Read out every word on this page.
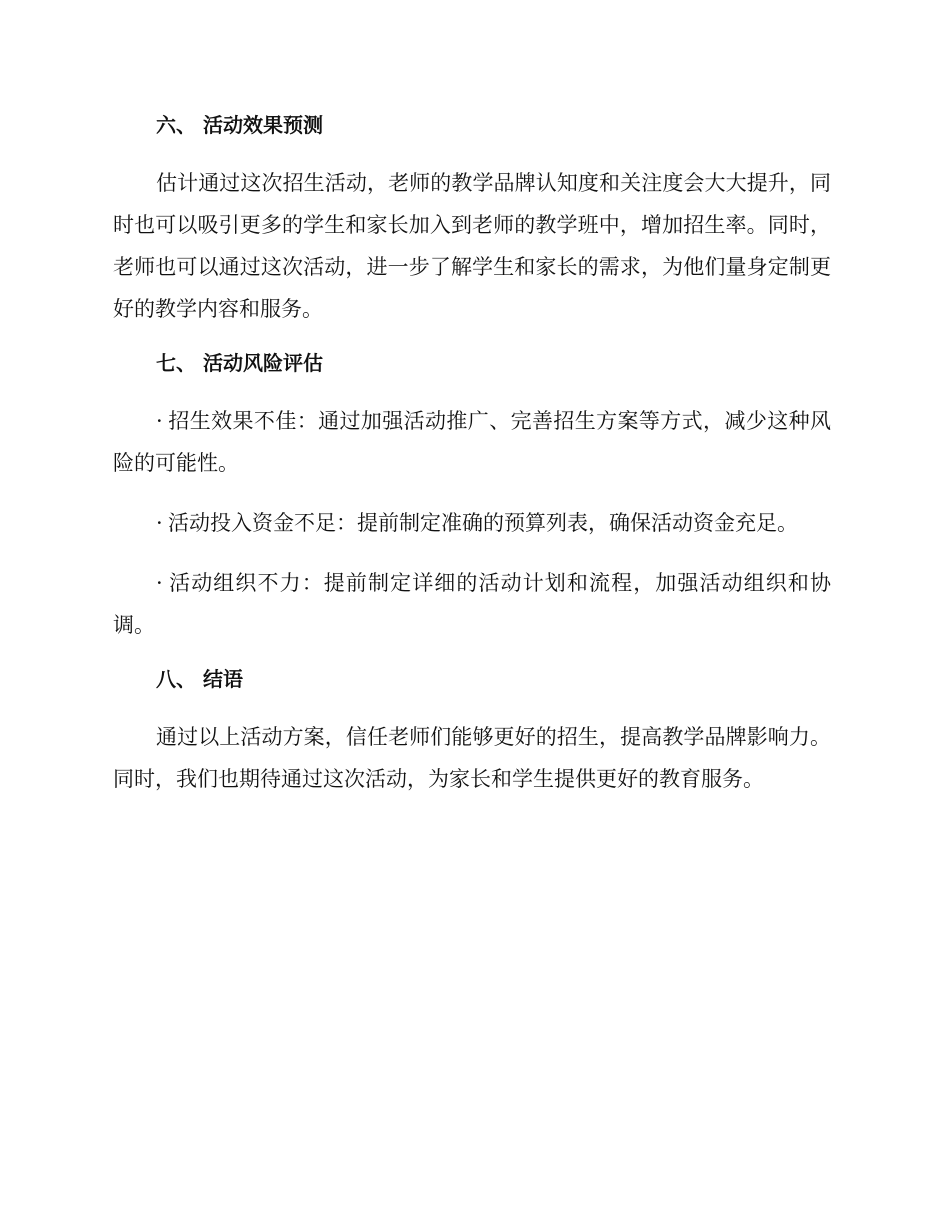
六、 活动效果预测

估计通过这次招生活动，老师的教学品牌认知度和关注度会大大提升，同时也可以吸引更多的学生和家长加入到老师的教学班中，增加招生率。同时，老师也可以通过这次活动，进一步了解学生和家长的需求，为他们量身定制更好的教学内容和服务。

七、 活动风险评估

· 招生效果不佳：通过加强活动推广、完善招生方案等方式，减少这种风险的可能性。

· 活动投入资金不足：提前制定准确的预算列表，确保活动资金充足。

· 活动组织不力：提前制定详细的活动计划和流程，加强活动组织和协调。

八、 结语

通过以上活动方案，信任老师们能够更好的招生，提高教学品牌影响力。同时，我们也期待通过这次活动，为家长和学生提供更好的教育服务。
